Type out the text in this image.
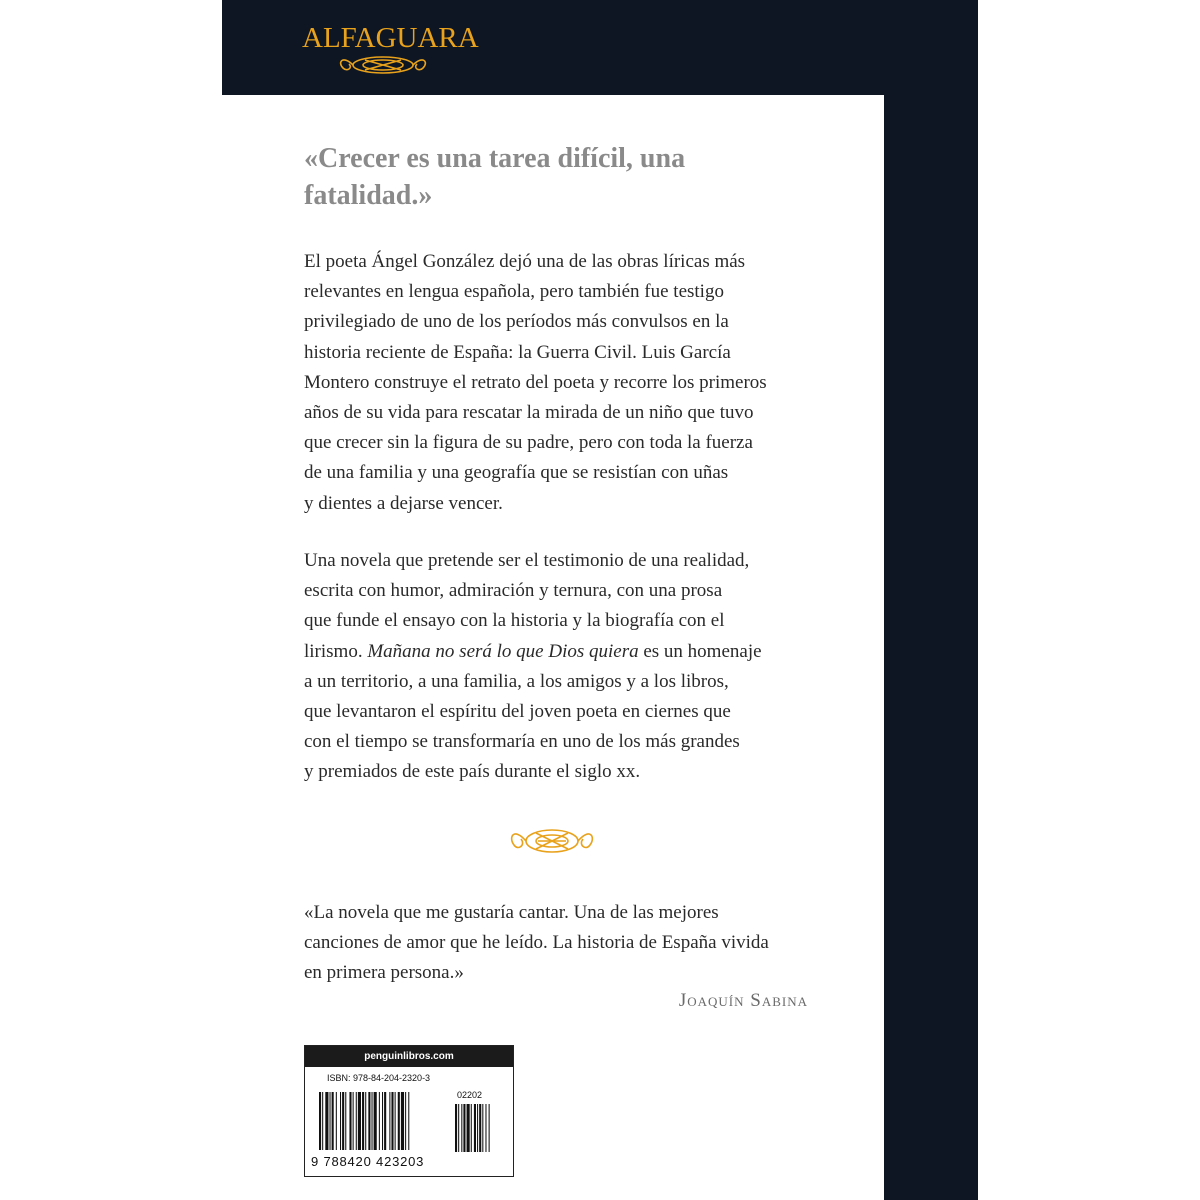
ALFAGUARA
«Crecer es una tarea difícil, una
fatalidad.»
El poeta Ángel González dejó una de las obras líricas más
relevantes en lengua española, pero también fue testigo
privilegiado de uno de los períodos más convulsos en la
historia reciente de España: la Guerra Civil. Luis García
Montero construye el retrato del poeta y recorre los primeros
años de su vida para rescatar la mirada de un niño que tuvo
que crecer sin la figura de su padre, pero con toda la fuerza
de una familia y una geografía que se resistían con uñas
y dientes a dejarse vencer.
Una novela que pretende ser el testimonio de una realidad,
escrita con humor, admiración y ternura, con una prosa
que funde el ensayo con la historia y la biografía con el
lirismo. Mañana no será lo que Dios quiera es un homenaje
a un territorio, a una familia, a los amigos y a los libros,
que levantaron el espíritu del joven poeta en ciernes que
con el tiempo se transformaría en uno de los más grandes
y premiados de este país durante el siglo xx.
«La novela que me gustaría cantar. Una de las mejores
canciones de amor que he leído. La historia de España vivida
en primera persona.»
Joaquín Sabina
penguinlibros.com
ISBN: 978-84-204-2320-3
02202
9 788420 423203
